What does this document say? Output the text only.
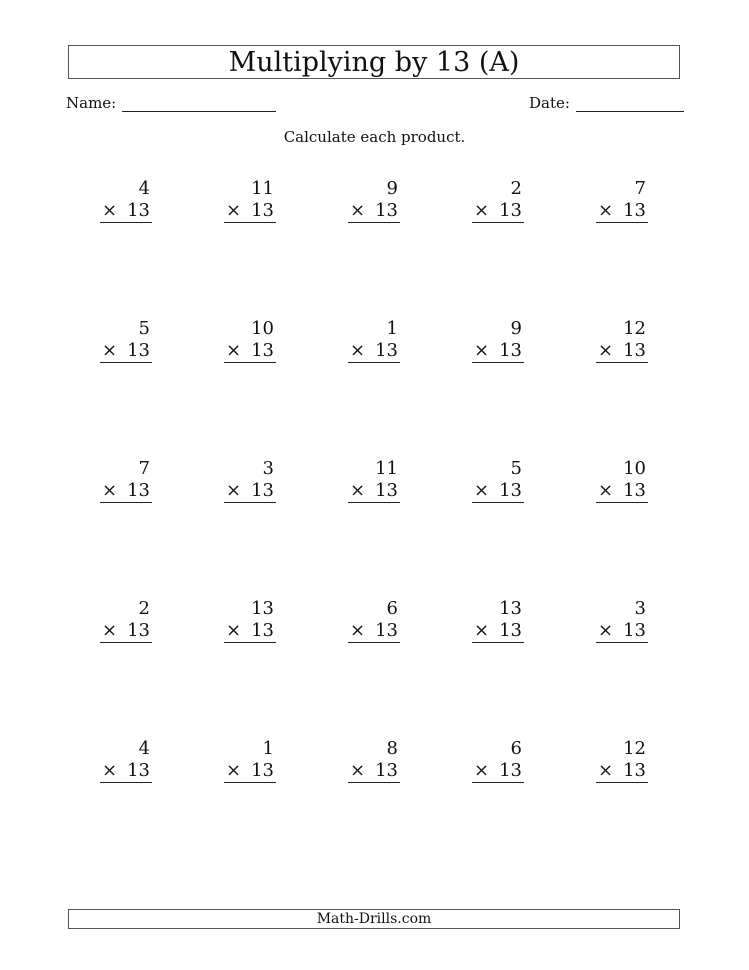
Multiplying by 13 (A)
Name:	Date:
Calculate each product.
4
× 13
11
× 13
9
× 13
2
× 13
7
× 13
5
× 13
10
× 13
1
× 13
9
× 13
12
× 13
7
× 13
3
× 13
11
× 13
5
× 13
10
× 13
2
× 13
13
× 13
6
× 13
13
× 13
3
× 13
4
× 13
1
× 13
8
× 13
6
× 13
12
× 13
Math-Drills.com
